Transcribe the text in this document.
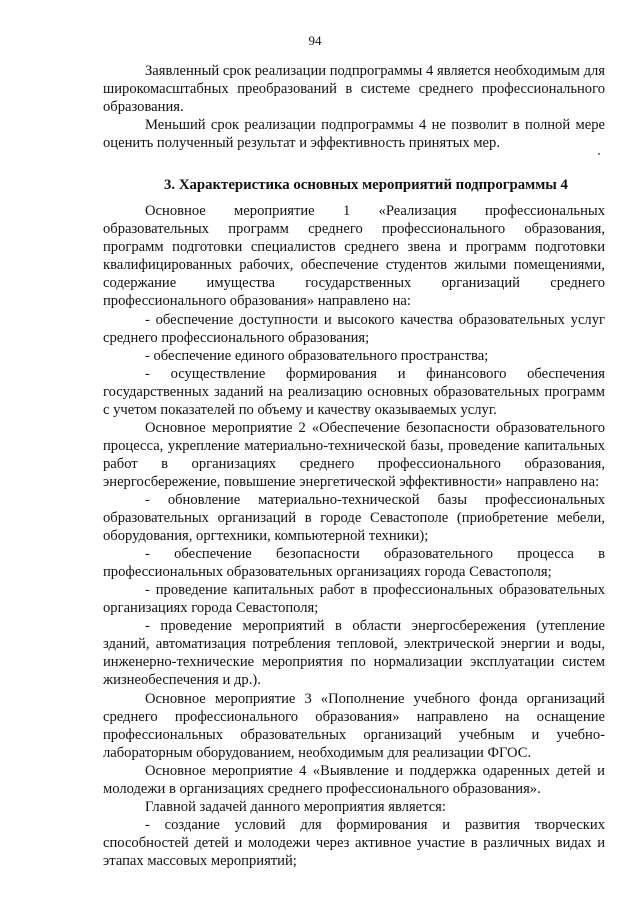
94

Заявленный срок реализации подпрограммы 4 является необходимым для широкомасштабных преобразований в системе среднего профессионального образования.

Меньший срок реализации подпрограммы 4 не позволит в полной мере оценить полученный результат и эффективность принятых мер.

3. Характеристика основных мероприятий подпрограммы 4

Основное мероприятие 1 «Реализация профессиональных образовательных программ среднего профессионального образования, программ подготовки специалистов среднего звена и программ подготовки квалифицированных рабочих, обеспечение студентов жилыми помещениями, содержание имущества государственных организаций среднего профессионального образования» направлено на:

- обеспечение доступности и высокого качества образовательных услуг среднего профессионального образования;

- обеспечение единого образовательного пространства;

- осуществление формирования и финансового обеспечения государственных заданий на реализацию основных образовательных программ с учетом показателей по объему и качеству оказываемых услуг.

Основное мероприятие 2 «Обеспечение безопасности образовательного процесса, укрепление материально-технической базы, проведение капитальных работ в организациях среднего профессионального образования, энергосбережение, повышение энергетической эффективности» направлено на:

- обновление материально-технической базы профессиональных образовательных организаций в городе Севастополе (приобретение мебели, оборудования, оргтехники, компьютерной техники);

- обеспечение безопасности образовательного процесса в профессиональных образовательных организациях города Севастополя;

- проведение капитальных работ в профессиональных образовательных организациях города Севастополя;

- проведение мероприятий в области энергосбережения (утепление зданий, автоматизация потребления тепловой, электрической энергии и воды, инженерно-технические мероприятия по нормализации эксплуатации систем жизнеобеспечения и др.).

Основное мероприятие 3 «Пополнение учебного фонда организаций среднего профессионального образования» направлено на оснащение профессиональных образовательных организаций учебным и учебно-лабораторным оборудованием, необходимым для реализации ФГОС.

Основное мероприятие 4 «Выявление и поддержка одаренных детей и молодежи в организациях среднего профессионального образования».

Главной задачей данного мероприятия является:

- создание условий для формирования и развития творческих способностей детей и молодежи через активное участие в различных видах и этапах массовых мероприятий;
